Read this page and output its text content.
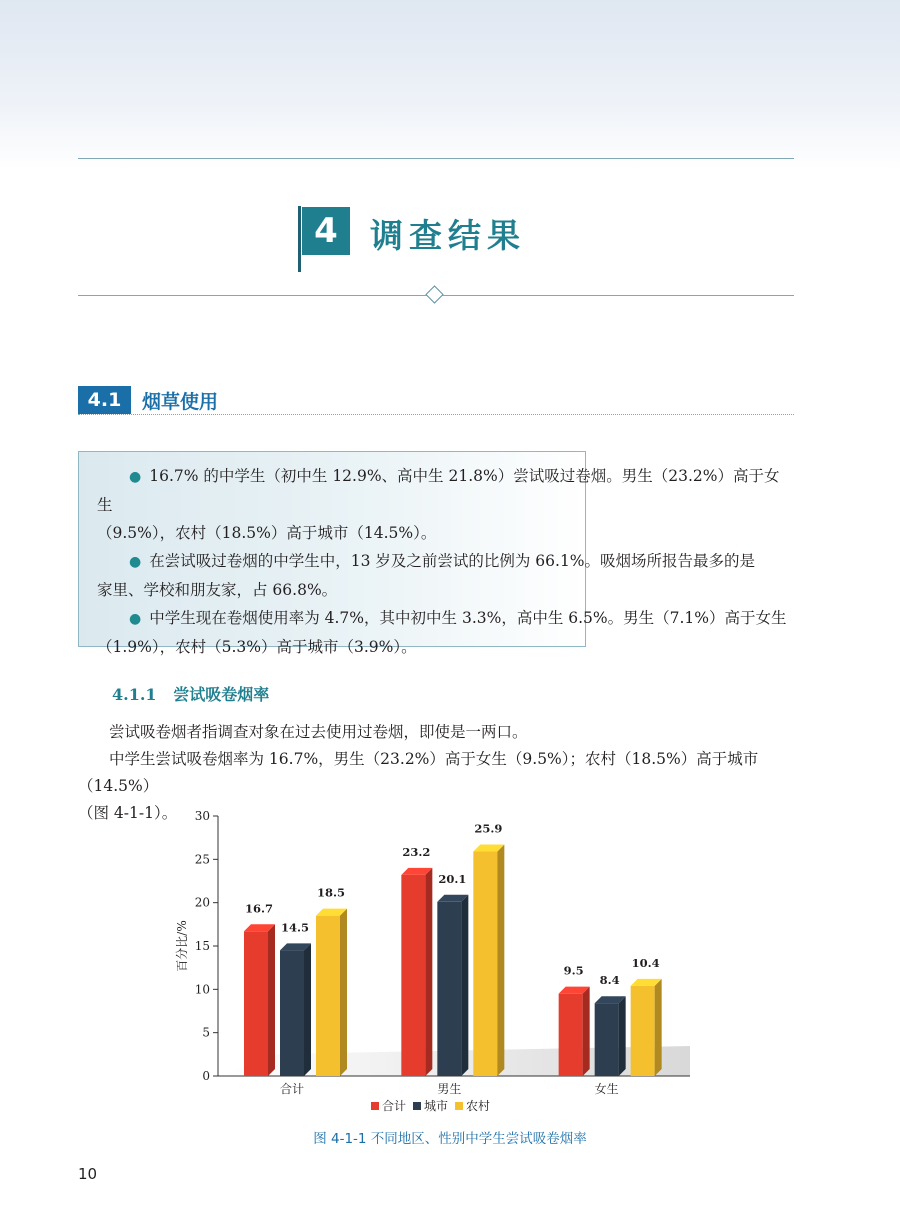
4 调查结果
4.1	烟草使用

● 16.7% 的中学生（初中生 12.9%、高中生 21.8%）尝试吸过卷烟。男生（23.2%）高于女生

（9.5%），农村（18.5%）高于城市（14.5%）。

● 在尝试吸过卷烟的中学生中，13 岁及之前尝试的比例为 66.1%。吸烟场所报告最多的是

家里、学校和朋友家，占 66.8%。

● 中学生现在卷烟使用率为 4.7%，其中初中生 3.3%，高中生 6.5%。男生（7.1%）高于女生

（1.9%），农村（5.3%）高于城市（3.9%）。

4.1.1 尝试吸卷烟率

尝试吸卷烟者指调查对象在过去使用过卷烟，即使是一两口。

中学生尝试吸卷烟率为 16.7%，男生（23.2%）高于女生（9.5%）；农村（18.5%）高于城市（14.5%）

（图 4-1-1）。

0
5
10
15
20
25
30
百分比/%
16.7
14.5
18.5
合计
23.2
20.1
25.9
男生
9.5
8.4
10.4
女生
合计 城市 农村
图 4-1-1 不同地区、性别中学生尝试吸卷烟率
10
